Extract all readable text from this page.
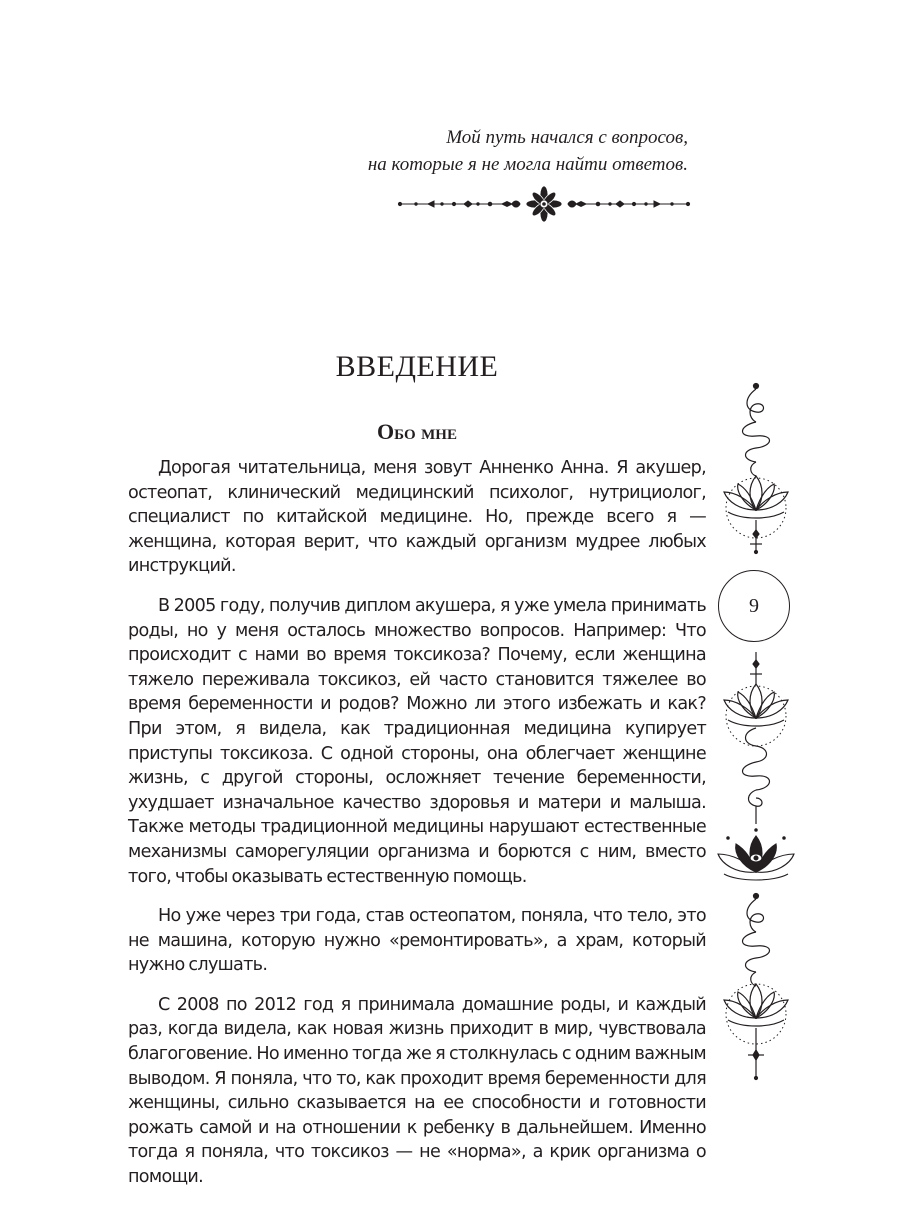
Мой путь начался с вопросов,
на которые я не могла найти ответов.
ВВЕДЕНИЕ
Обо мне

Дорогая читательница, меня зовут Анненко Анна. Я акушер, остеопат, клинический медицинский психолог, нутрициолог, специалист по китайской медицине. Но, прежде всего я — женщина, которая верит, что каждый организм мудрее любых инструкций.

В 2005 году, получив диплом акушера, я уже умела принимать роды, но у меня осталось множество вопросов. Например: Что происходит с нами во время токсикоза? Почему, если женщина тяжело переживала токсикоз, ей часто становится тяжелее во время беременности и родов? Можно ли этого избежать и как? При этом, я видела, как традиционная медицина купирует приступы токсикоза. С одной стороны, она облегчает женщине жизнь, с другой стороны, осложняет течение беременности, ухудшает изначальное качество здоровья и матери и малыша. Также методы традиционной медицины нарушают естественные механизмы саморегуляции организма и борются с ним, вместо того, чтобы оказывать естественную помощь.

Но уже через три года, став остеопатом, поняла, что тело, это не машина, которую нужно «ремонтировать», а храм, который нужно слушать.

С 2008 по 2012 год я принимала домашние роды, и каждый раз, когда видела, как новая жизнь приходит в мир, чувствовала благоговение. Но именно тогда же я столкнулась с одним важным выводом. Я поняла, что то, как проходит время беременности для женщины, сильно сказывается на ее способности и готовности рожать самой и на отношении к ребенку в дальнейшем. Именно тогда я поняла, что токсикоз — не «норма», а крик организма о помощи.

9
